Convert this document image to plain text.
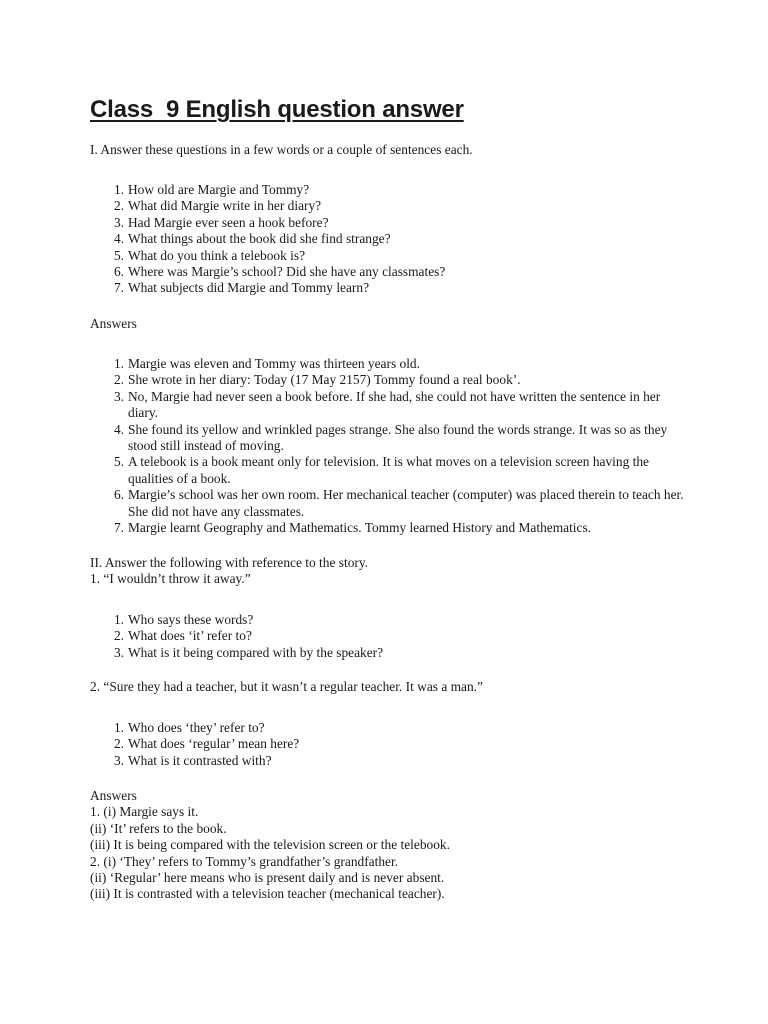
Class  9 English question answer

I. Answer these questions in a few words or a couple of sentences each.

1. How old are Margie and Tommy?
2. What did Margie write in her diary?
3. Had Margie ever seen a hook before?
4. What things about the book did she find strange?
5. What do you think a telebook is?
6. Where was Margie’s school? Did she have any classmates?
7. What subjects did Margie and Tommy learn?

Answers

1. Margie was eleven and Tommy was thirteen years old.
2. She wrote in her diary: Today (17 May 2157) Tommy found a real book’.
3. No, Margie had never seen a book before. If she had, she could not have written the sentence in her diary.
4. She found its yellow and wrinkled pages strange. She also found the words strange. It was so as they stood still instead of moving.
5. A telebook is a book meant only for television. It is what moves on a television screen having the qualities of a book.
6. Margie’s school was her own room. Her mechanical teacher (computer) was placed therein to teach her. She did not have any classmates.
7. Margie learnt Geography and Mathematics. Tommy learned History and Mathematics.

II. Answer the following with reference to the story.

1. “I wouldn’t throw it away.”

1. Who says these words?
2. What does ‘it’ refer to?
3. What is it being compared with by the speaker?

2. “Sure they had a teacher, but it wasn’t a regular teacher. It was a man.”

1. Who does ‘they’ refer to?
2. What does ‘regular’ mean here?
3. What is it contrasted with?
Answers
1. (i) Margie says it.
(ii) ‘It’ refers to the book.
(iii) It is being compared with the television screen or the telebook.
2. (i) ‘They’ refers to Tommy’s grandfather’s grandfather.
(ii) ‘Regular’ here means who is present daily and is never absent.
(iii) It is contrasted with a television teacher (mechanical teacher).
